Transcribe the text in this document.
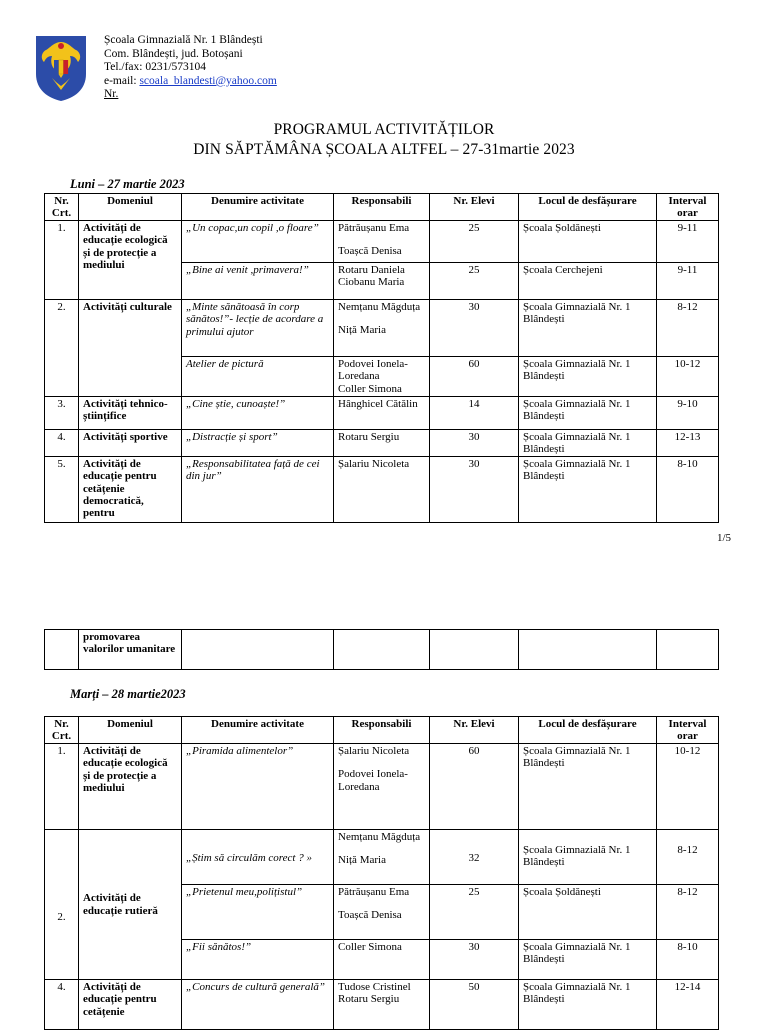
Școala Gimnazială Nr. 1 Blândești
Com. Blândești, jud. Botoșani
Tel./fax: 0231/573104
e-mail: scoala_blandesti@yahoo.com
Nr.
PROGRAMUL ACTIVITĂȚILOR
DIN SĂPTĂMÂNA ȘCOALA ALTFEL – 27-31martie 2023
Luni – 27 martie 2023
Nr. Crt.	Domeniul	Denumire activitate	Responsabili	Nr. Elevi	Locul de desfășurare	Interval orar
1.	Activități de educație ecologică și de protecție a mediului	„Un copac,un copil ,o floare”	Pătrăușanu Ema
Toașcă Denisa	25	Școala Șoldănești	9-11
		„Bine ai venit ,primavera!”	Rotaru Daniela
Ciobanu Maria	25	Școala Cerchejeni	9-11
2.	Activități culturale	„Minte sănătoasă în corp sănătos!”- lecție de acordare a primului ajutor	Nemțanu Măgduța
Niță Maria	30	Școala Gimnazială Nr. 1 Blândești	8-12
		Atelier de pictură	Podovei Ionela-Loredana
Coller Simona	60	Școala Gimnazială Nr. 1 Blândești	10-12
3.	Activități tehnico-științifice	„Cine știe, cunoaște!”	Hânghicel Cătălin	14	Școala Gimnazială Nr. 1 Blândești	9-10
4.	Activități sportive	„Distracție și sport”	Rotaru Sergiu	30	Școala Gimnazială Nr. 1 Blândești	12-13
5.	Activități de educație pentru cetățenie democratică, pentru	„Responsabilitatea față de cei din jur”	Șalariu Nicoleta	30	Școala Gimnazială Nr. 1 Blândești	8-10
1/5
	promovarea valorilor umanitare					
Marți – 28 martie2023
Nr. Crt.	Domeniul	Denumire activitate	Responsabili	Nr. Elevi	Locul de desfășurare	Interval orar
1.	Activități de educație ecologică și de protecție a mediului	„Piramida alimentelor”	Șalariu Nicoleta
Podovei Ionela-Loredana	60	Școala Gimnazială Nr. 1 Blândești	10-12
2.	Activități de educație rutieră	„Știm să circulăm corect ? »	Nemțanu Măgduța
Niță Maria	32	Școala Gimnazială Nr. 1 Blândești	8-12
		„Prietenul meu,polițistul”	Pătrăușanu Ema
Toașcă Denisa	25	Școala Șoldănești	8-12
		„Fii sănătos!”	Coller Simona	30	Școala Gimnazială Nr. 1 Blândești	8-10
4.	Activități de educație pentru cetățenie	„Concurs de cultură generală”	Tudose Cristinel
Rotaru Sergiu	50	Școala Gimnazială Nr. 1 Blândești	12-14
